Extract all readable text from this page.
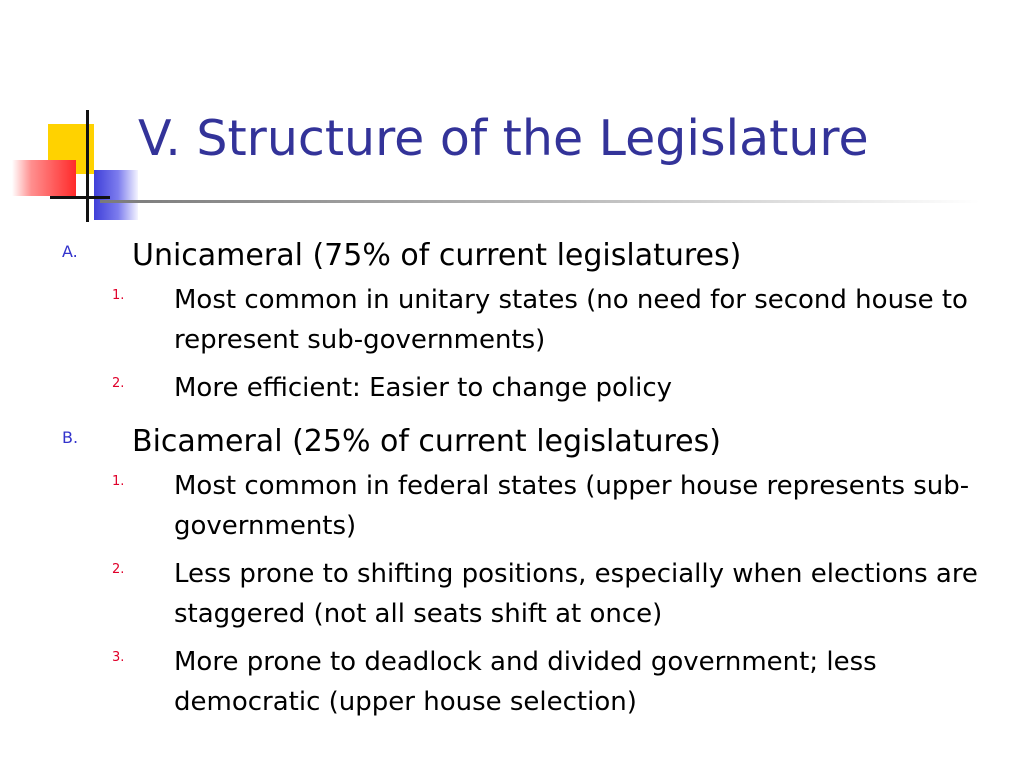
V. Structure of the Legislature
A. Unicameral (75% of current legislatures)
1. Most common in unitary states (no need for second house to represent sub-governments)
2. More efficient: Easier to change policy
B. Bicameral (25% of current legislatures)
1. Most common in federal states (upper house represents sub-governments)
2. Less prone to shifting positions, especially when elections are staggered (not all seats shift at once)
3. More prone to deadlock and divided government; less democratic (upper house selection)
